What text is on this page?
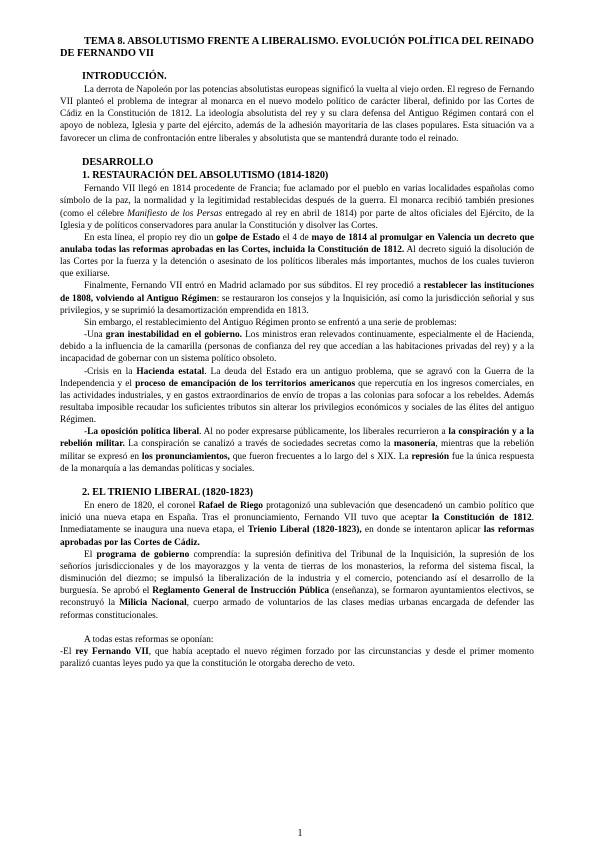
TEMA 8. ABSOLUTISMO FRENTE A LIBERALISMO. EVOLUCIÓN POLÍTICA DEL REINADO DE FERNANDO VII
INTRODUCCIÓN.

La derrota de Napoleón por las potencias absolutistas europeas significó la vuelta al viejo orden. El regreso de Fernando VII planteó el problema de integrar al monarca en el nuevo modelo político de carácter liberal, definido por las Cortes de Cádiz en la Constitución de 1812. La ideología absolutista del rey y su clara defensa del Antiguo Régimen contará con el apoyo de nobleza, Iglesia y parte del ejército, además de la adhesión mayoritaria de las clases populares. Esta situación va a favorecer un clima de confrontación entre liberales y absolutista que se mantendrá durante todo el reinado.

DESARROLLO
1. RESTAURACIÓN DEL ABSOLUTISMO (1814-1820)

Fernando VII llegó en 1814 procedente de Francia; fue aclamado por el pueblo en varias localidades españolas como símbolo de la paz, la normalidad y la legitimidad restablecidas después de la guerra. El monarca recibió también presiones (como el célebre Manifiesto de los Persas entregado al rey en abril de 1814) por parte de altos oficiales del Ejército, de la Iglesia y de políticos conservadores para anular la Constitución y disolver las Cortes.

En esta línea, el propio rey dio un golpe de Estado el 4 de mayo de 1814 al promulgar en Valencia un decreto que anulaba todas las reformas aprobadas en las Cortes, incluida la Constitución de 1812. Al decreto siguió la disolución de las Cortes por la fuerza y la detención o asesinato de los políticos liberales más importantes, muchos de los cuales tuvieron que exiliarse.

Finalmente, Fernando VII entró en Madrid aclamado por sus súbditos. El rey procedió a restablecer las instituciones de 1808, volviendo al Antiguo Régimen: se restauraron los consejos y la Inquisición, así como la jurisdicción señorial y sus privilegios, y se suprimió la desamortización emprendida en 1813.

Sin embargo, el restablecimiento del Antiguo Régimen pronto se enfrentó a una serie de problemas:

-Una gran inestabilidad en el gobierno. Los ministros eran relevados continuamente, especialmente el de Hacienda, debido a la influencia de la camarilla (personas de confianza del rey que accedían a las habitaciones privadas del rey) y a la incapacidad de gobernar con un sistema político obsoleto.

-Crisis en la Hacienda estatal. La deuda del Estado era un antiguo problema, que se agravó con la Guerra de la Independencia y el proceso de emancipación de los territorios americanos que repercutía en los ingresos comerciales, en las actividades industriales, y en gastos extraordinarios de envío de tropas a las colonias para sofocar a los rebeldes. Además resultaba imposible recaudar los suficientes tributos sin alterar los privilegios económicos y sociales de las élites del antiguo Régimen.

-La oposición política liberal. Al no poder expresarse públicamente, los liberales recurrieron a la conspiración y a la rebelión militar. La conspiración se canalizó a través de sociedades secretas como la masonería, mientras que la rebelión militar se expresó en los pronunciamientos, que fueron frecuentes a lo largo del s XIX. La represión fue la única respuesta de la monarquía a las demandas políticas y sociales.

2. EL TRIENIO LIBERAL (1820-1823)

En enero de 1820, el coronel Rafael de Riego protagonizó una sublevación que desencadenó un cambio político que inició una nueva etapa en España. Tras el pronunciamiento, Fernando VII tuvo que aceptar la Constitución de 1812. Inmediatamente se inaugura una nueva etapa, el Trienio Liberal (1820-1823), en donde se intentaron aplicar las reformas aprobadas por las Cortes de Cádiz.

El programa de gobierno comprendía: la supresión definitiva del Tribunal de la Inquisición, la supresión de los señoríos jurisdiccionales y de los mayorazgos y la venta de tierras de los monasterios, la reforma del sistema fiscal, la disminución del diezmo; se impulsó la liberalización de la industria y el comercio, potenciando así el desarrollo de la burguesía. Se aprobó el Reglamento General de Instrucción Pública (enseñanza), se formaron ayuntamientos electivos, se reconstruyó la Milicia Nacional, cuerpo armado de voluntarios de las clases medias urbanas encargada de defender las reformas constitucionales.

A todas estas reformas se oponían:

-El rey Fernando VII, que había aceptado el nuevo régimen forzado por las circunstancias y desde el primer momento paralizó cuantas leyes pudo ya que la constitución le otorgaba derecho de veto.

1
